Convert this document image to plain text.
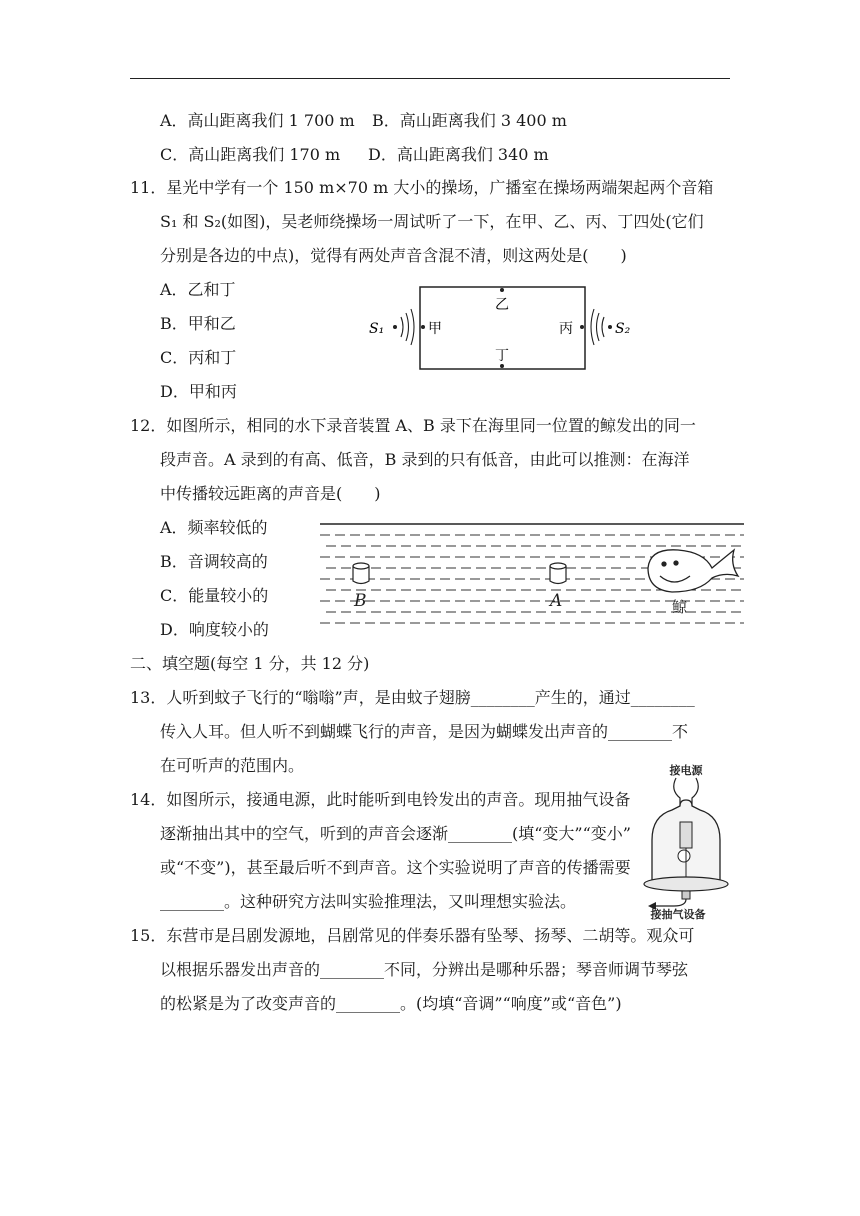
A．高山距离我们 1 700 m B．高山距离我们 3 400 m
C．高山距离我们 170 m D．高山距离我们 340 m
11．星光中学有一个 150 m×70 m 大小的操场，广播室在操场两端架起两个音箱
S₁ 和 S₂(如图)，吴老师绕操场一周试听了一下，在甲、乙、丙、丁四处(它们
分别是各边的中点)，觉得有两处声音含混不清，则这两处是(　　)
A．乙和丁
B．甲和乙
C．丙和丁
D．甲和丙
S₁	甲
乙
丙
丁
S₂
12．如图所示，相同的水下录音装置 A、B 录下在海里同一位置的鲸发出的同一
段声音。A 录到的有高、低音，B 录到的只有低音，由此可以推测：在海洋
中传播较远距离的声音是(　　)
A．频率较低的
B．音调较高的
C．能量较小的
D．响度较小的
B	A	鲸
二、填空题(每空 1 分，共 12 分)
13．人听到蚊子飞行的“嗡嗡”声，是由蚊子翅膀________产生的，通过________
传入人耳。但人听不到蝴蝶飞行的声音，是因为蝴蝶发出声音的________不
在可听声的范围内。
14．如图所示，接通电源，此时能听到电铃发出的声音。现用抽气设备
逐渐抽出其中的空气，听到的声音会逐渐________(填“变大”“变小”
或“不变”)，甚至最后听不到声音。这个实验说明了声音的传播需要
________。这种研究方法叫实验推理法，又叫理想实验法。
接电源
接抽气设备
15．东营市是吕剧发源地，吕剧常见的伴奏乐器有坠琴、扬琴、二胡等。观众可
以根据乐器发出声音的________不同，分辨出是哪种乐器；琴音师调节琴弦
的松紧是为了改变声音的________。(均填“音调”“响度”或“音色”)
